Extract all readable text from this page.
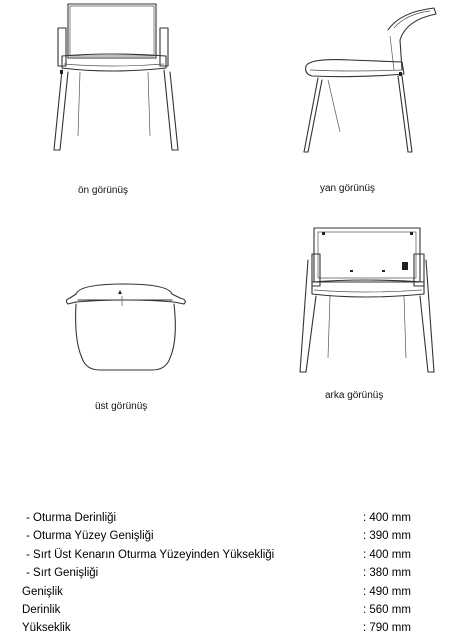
ön görünüş	yan görünüş
üst görünüş
arka görünüş
- Oturma Derinliği	: 400 mm
- Oturma Yüzey Genişliği	: 390 mm
- Sırt Üst Kenarın Oturma Yüzeyinden Yüksekliği	: 400 mm
- Sırt Genişliği	: 380 mm
Genişlik	: 490 mm
Derinlik	: 560 mm
Yükseklik	: 790 mm
